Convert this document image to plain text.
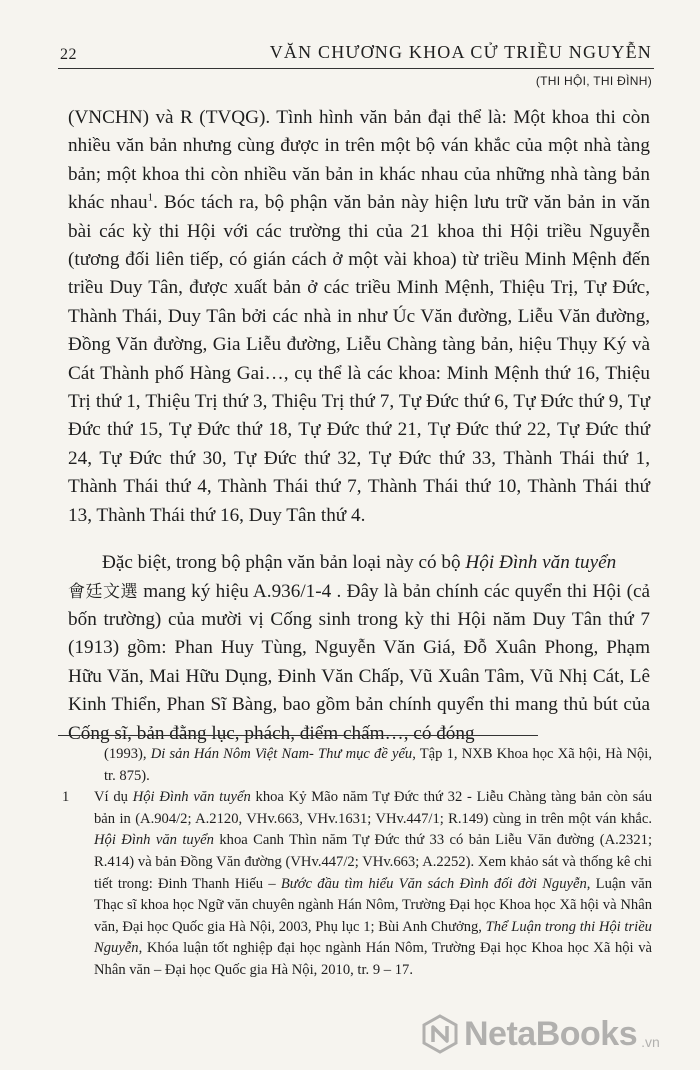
22	VĂN CHƯƠNG KHOA CỬ TRIỀU NGUYỄN
(THI HỘI, THI ĐÌNH)

(VNCHN) và R (TVQG). Tình hình văn bản đại thể là: Một khoa thi còn nhiều văn bản nhưng cùng được in trên một bộ ván khắc của một nhà tàng bản; một khoa thi còn nhiều văn bản in khác nhau của những nhà tàng bản khác nhau$^1$. Bóc tách ra, bộ phận văn bản này hiện lưu trữ văn bản in văn bài các kỳ thi Hội với các trường thi của 21 khoa thi Hội triều Nguyễn (tương đối liên tiếp, có gián cách ở một vài khoa) từ triều Minh Mệnh đến triều Duy Tân, được xuất bản ở các triều Minh Mệnh, Thiệu Trị, Tự Đức, Thành Thái, Duy Tân bởi các nhà in như Úc Văn đường, Liễu Văn đường, Đồng Văn đường, Gia Liễu đường, Liễu Chàng tàng bản, hiệu Thụy Ký và Cát Thành phố Hàng Gai…, cụ thể là các khoa: Minh Mệnh thứ 16, Thiệu Trị thứ 1, Thiệu Trị thứ 3, Thiệu Trị thứ 7, Tự Đức thứ 6, Tự Đức thứ 9, Tự Đức thứ 15, Tự Đức thứ 18, Tự Đức thứ 21, Tự Đức thứ 22, Tự Đức thứ 24, Tự Đức thứ 30, Tự Đức thứ 32, Tự Đức thứ 33, Thành Thái thứ 1, Thành Thái thứ 4, Thành Thái thứ 7, Thành Thái thứ 10, Thành Thái thứ 13, Thành Thái thứ 16, Duy Tân thứ 4.

Đặc biệt, trong bộ phận văn bản loại này có bộ Hội Đình văn tuyển
會廷文選 mang ký hiệu A.936/1-4 . Đây là bản chính các quyển thi Hội (cả bốn trường) của mười vị Cống sinh trong kỳ thi Hội năm Duy Tân thứ 7 (1913) gồm: Phan Huy Tùng, Nguyễn Văn Giá, Đỗ Xuân Phong, Phạm Hữu Văn, Mai Hữu Dụng, Đinh Văn Chấp, Vũ Xuân Tâm, Vũ Nhị Cát, Lê Kinh Thiển, Phan Sĩ Bàng, bao gồm bản chính quyển thi mang thủ bút của Cống sĩ, bản đằng lục, phách, điểm chấm…, có đóng

(1993), Di sản Hán Nôm Việt Nam- Thư mục đề yếu, Tập 1, NXB Khoa học Xã hội, Hà Nội, tr. 875).

1	Ví dụ Hội Đình văn tuyển khoa Kỷ Mão năm Tự Đức thứ 32 - Liễu Chàng tàng bản còn sáu bản in (A.904/2; A.2120, VHv.663, VHv.1631; VHv.447/1; R.149) cùng in trên một ván khắc. Hội Đình văn tuyển khoa Canh Thìn năm Tự Đức thứ 33 có bản Liễu Văn đường (A.2321; R.414) và bản Đồng Văn đường (VHv.447/2; VHv.663; A.2252). Xem khảo sát và thống kê chi tiết trong: Đinh Thanh Hiếu – Bước đầu tìm hiểu Văn sách Đình đối đời Nguyễn, Luận văn Thạc sĩ khoa học Ngữ văn chuyên ngành Hán Nôm, Trường Đại học Khoa học Xã hội và Nhân văn, Đại học Quốc gia Hà Nội, 2003, Phụ lục 1; Bùi Anh Chưởng, Thể Luận trong thi Hội triều Nguyễn, Khóa luận tốt nghiệp đại học ngành Hán Nôm, Trường Đại học Khoa học Xã hội và Nhân văn – Đại học Quốc gia Hà Nội, 2010, tr. 9 – 17.
NetaBooks .vn
